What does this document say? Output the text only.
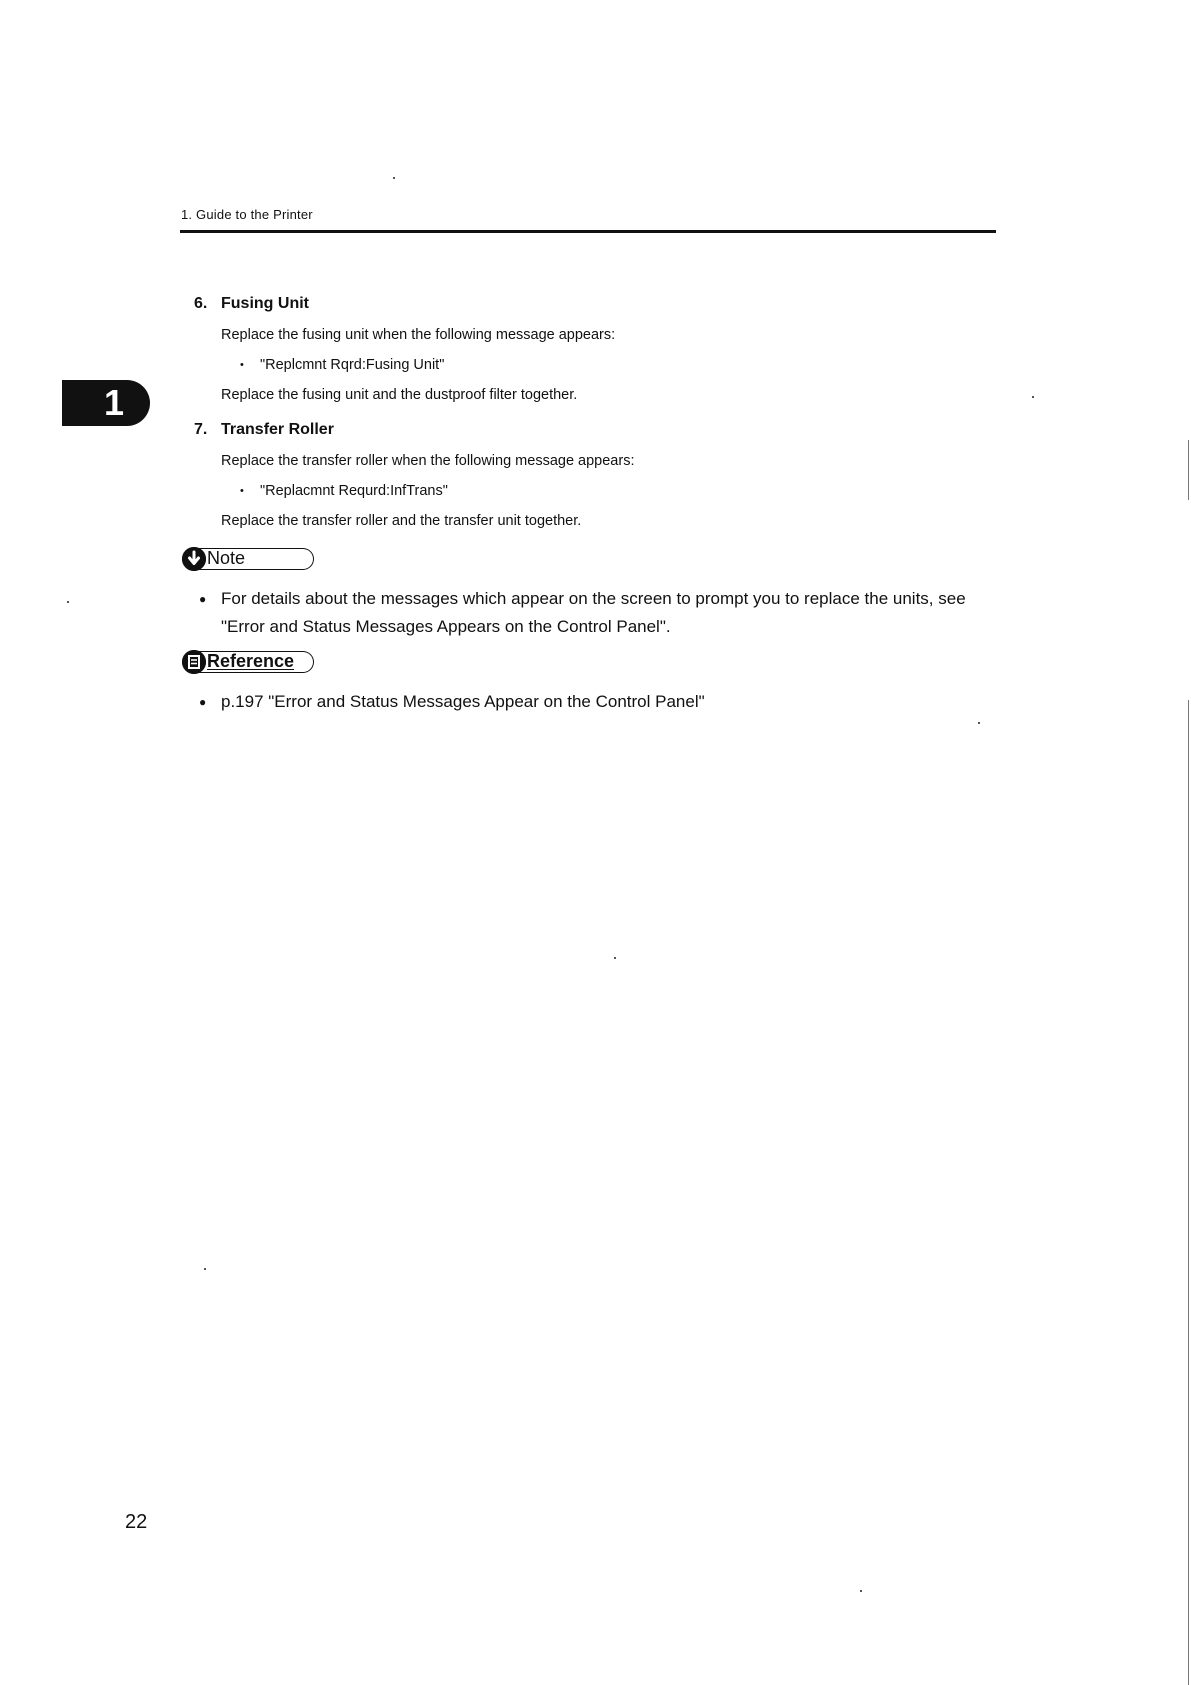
1. Guide to the Printer
1
6. Fusing Unit
Replace the fusing unit when the following message appears:
• "Replcmnt Rqrd:Fusing Unit"
Replace the fusing unit and the dustproof filter together.
7. Transfer Roller
Replace the transfer roller when the following message appears:
• "Replacmnt Requrd:InfTrans"
Replace the transfer roller and the transfer unit together.
Note
● For details about the messages which appear on the screen to prompt you to replace the units, see
"Error and Status Messages Appears on the Control Panel".
Reference
● p.197 "Error and Status Messages Appear on the Control Panel"
22
